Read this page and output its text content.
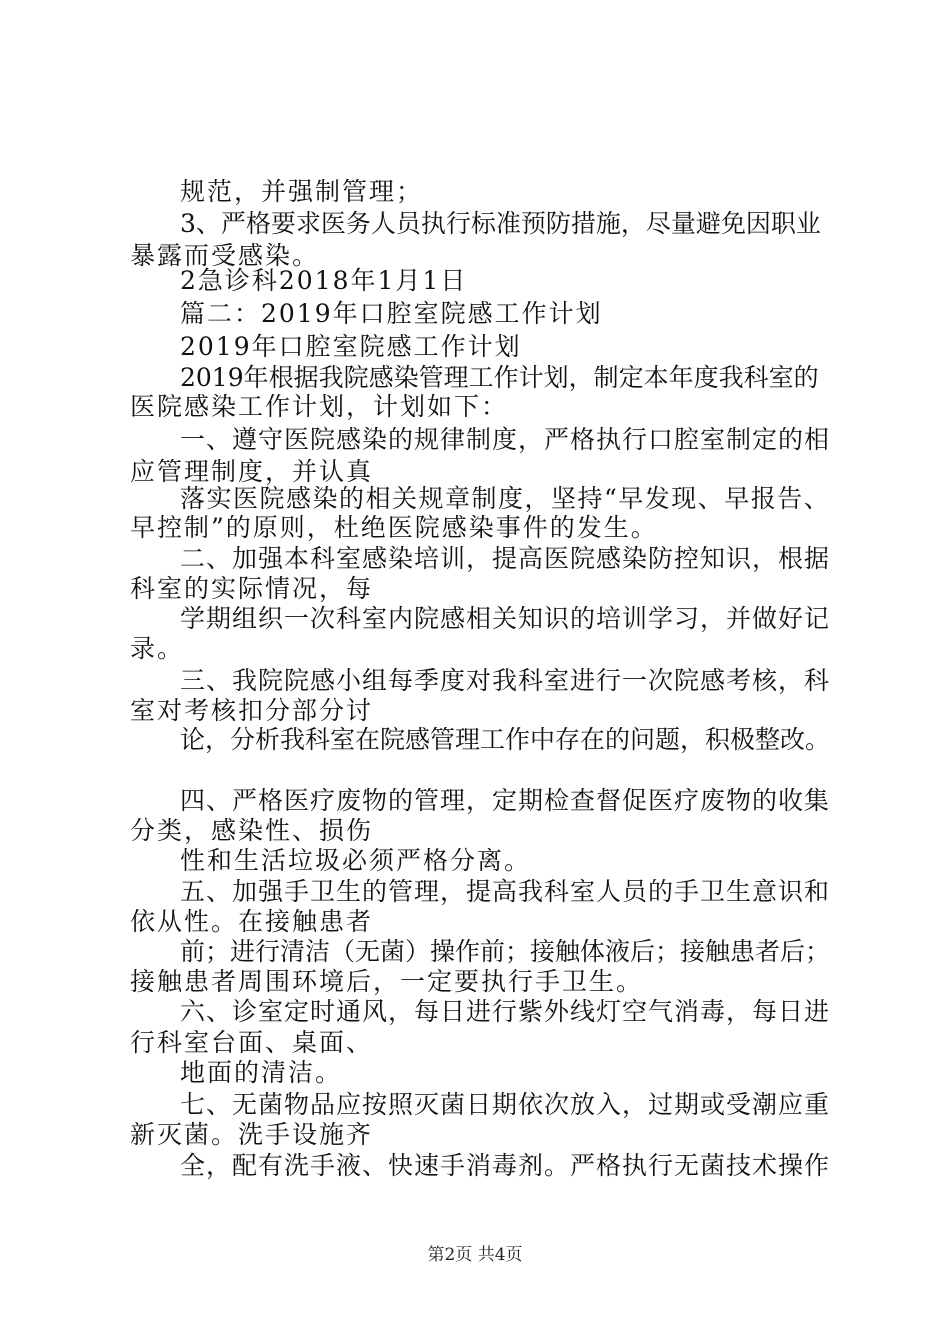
规范，并强制管理；
3、严格要求医务人员执行标准预防措施，尽量避免因职业
暴露而受感染。
2急诊科2018年1月1日
篇二：2019年口腔室院感工作计划
2019年口腔室院感工作计划
2019年根据我院感染管理工作计划，制定本年度我科室的
医院感染工作计划，计划如下：
一、遵守医院感染的规律制度，严格执行口腔室制定的相
应管理制度，并认真
落实医院感染的相关规章制度，坚持“早发现、早报告、
早控制”的原则，杜绝医院感染事件的发生。
二、加强本科室感染培训，提高医院感染防控知识，根据
科室的实际情况，每
学期组织一次科室内院感相关知识的培训学习，并做好记
录。
三、我院院感小组每季度对我科室进行一次院感考核，科
室对考核扣分部分讨
论，分析我科室在院感管理工作中存在的问题，积极整改。
四、严格医疗废物的管理，定期检查督促医疗废物的收集
分类，感染性、损伤
性和生活垃圾必须严格分离。
五、加强手卫生的管理，提高我科室人员的手卫生意识和
依从性。在接触患者
前；进行清洁（无菌）操作前；接触体液后；接触患者后；
接触患者周围环境后，一定要执行手卫生。
六、诊室定时通风，每日进行紫外线灯空气消毒，每日进
行科室台面、桌面、
地面的清洁。
七、无菌物品应按照灭菌日期依次放入，过期或受潮应重
新灭菌。洗手设施齐
全，配有洗手液、快速手消毒剂。严格执行无菌技术操作
第2页 共4页
